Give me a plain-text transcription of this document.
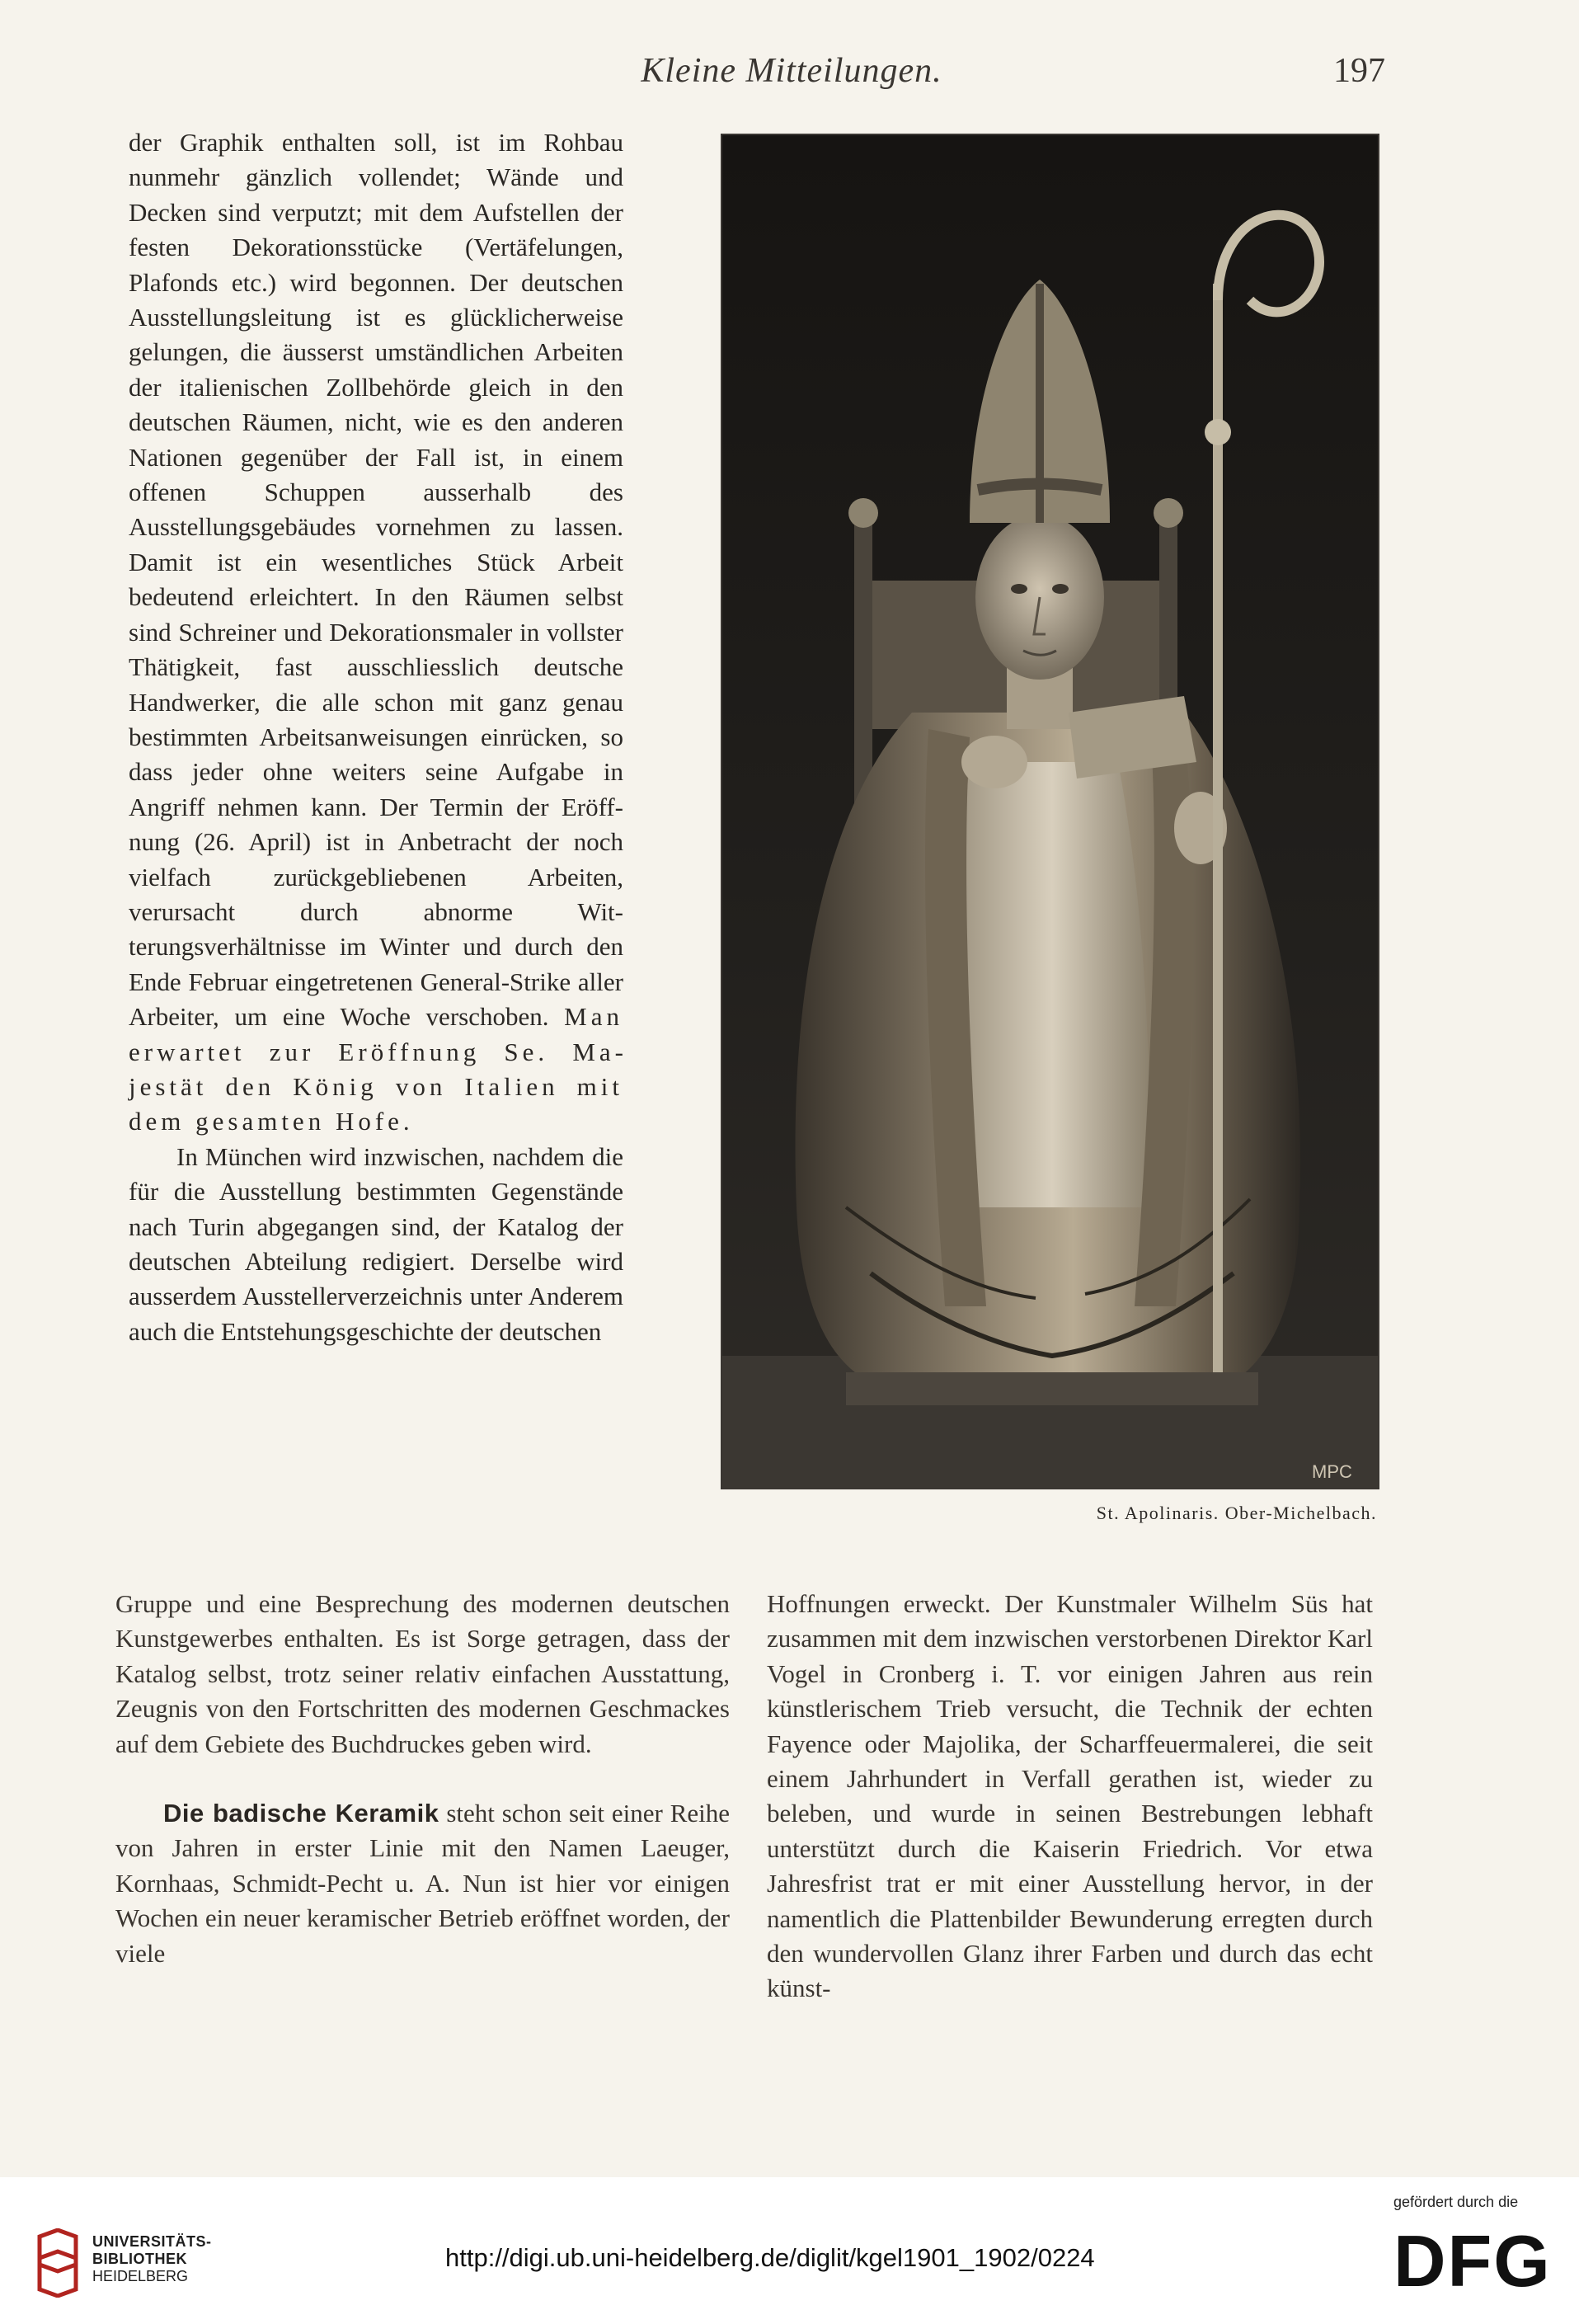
Kleine Mitteilungen.	197

der Graphik enthalten soll, ist im Rohbau nunmehr gänzlich vollendet; Wände und Decken sind verputzt; mit dem Aufstellen der festen Dekorationsstücke (Vertäfelungen, Plafonds etc.) wird begonnen. Der deutschen Ausstellungsleitung ist es glücklicherweise gelungen, die äusserst umständlichen Arbeiten der italienischen Zollbehörde gleich in den deutschen Räumen, nicht, wie es den anderen Nationen gegenüber der Fall ist, in einem offenen Schuppen ausserhalb des Ausstellungsgebäudes vornehmen zu lassen. Damit ist ein wesentliches Stück Arbeit bedeutend erleichtert. In den Räumen selbst sind Schreiner und Dekorationsmaler in vollster Thätigkeit, fast ausschliesslich deutsche Handwerker, die alle schon mit ganz genau bestimmten Arbeitsanweisungen einrücken, so dass jeder ohne weiters seine Aufgabe in Angriff nehmen kann. Der Termin der Eröffnung (26. April) ist in Anbetracht der noch vielfach zurückgebliebenen Arbeiten, verursacht durch abnorme Witterungsverhältnisse im Winter und durch den Ende Februar eingetretenen General-Strike aller Arbeiter, um eine Woche verschoben. Man erwartet zur Eröffnung Se. Majestät den König von Italien mit dem gesamten Hofe.

In München wird inzwischen, nachdem die für die Ausstellung bestimmten Gegenstände nach Turin abgegangen sind, der Katalog der deutschen Abteilung redigiert. Derselbe wird ausserdem Ausstellerverzeichnis unter Anderem auch die Entstehungsgeschichte der deutschen

Gruppe und eine Besprechung des modernen deutschen Kunstgewerbes enthalten. Es ist Sorge getragen, dass der Katalog selbst, trotz seiner relativ einfachen Ausstattung, Zeugnis von den Fortschritten des modernen Geschmackes auf dem Gebiete des Buchdruckes geben wird.

Die badische Keramik steht schon seit einer Reihe von Jahren in erster Linie mit den Namen Laeuger, Kornhaas, Schmidt-Pecht u. A. Nun ist hier vor einigen Wochen ein neuer keramischer Betrieb eröffnet worden, der viele

Hoffnungen erweckt. Der Kunstmaler Wilhelm Süs hat zusammen mit dem inzwischen verstorbenen Direktor Karl Vogel in Cronberg i. T. vor einigen Jahren aus rein künstlerischem Trieb versucht, die Technik der echten Fayence oder Majolika, der Scharffeuermalerei, die seit einem Jahrhundert in Verfall gerathen ist, wieder zu beleben, und wurde in seinen Bestrebungen lebhaft unterstützt durch die Kaiserin Friedrich. Vor etwa Jahresfrist trat er mit einer Ausstellung hervor, in der namentlich die Plattenbilder Bewunderung erregten durch den wundervollen Glanz ihrer Farben und durch das echt künst-

MPC
St. Apolinaris. Ober-Michelbach.
UNIVERSITÄTS-
BIBLIOTHEK
HEIDELBERG
http://digi.ub.uni-heidelberg.de/diglit/kgel1901_1902/0224
gefördert durch die
DFG
